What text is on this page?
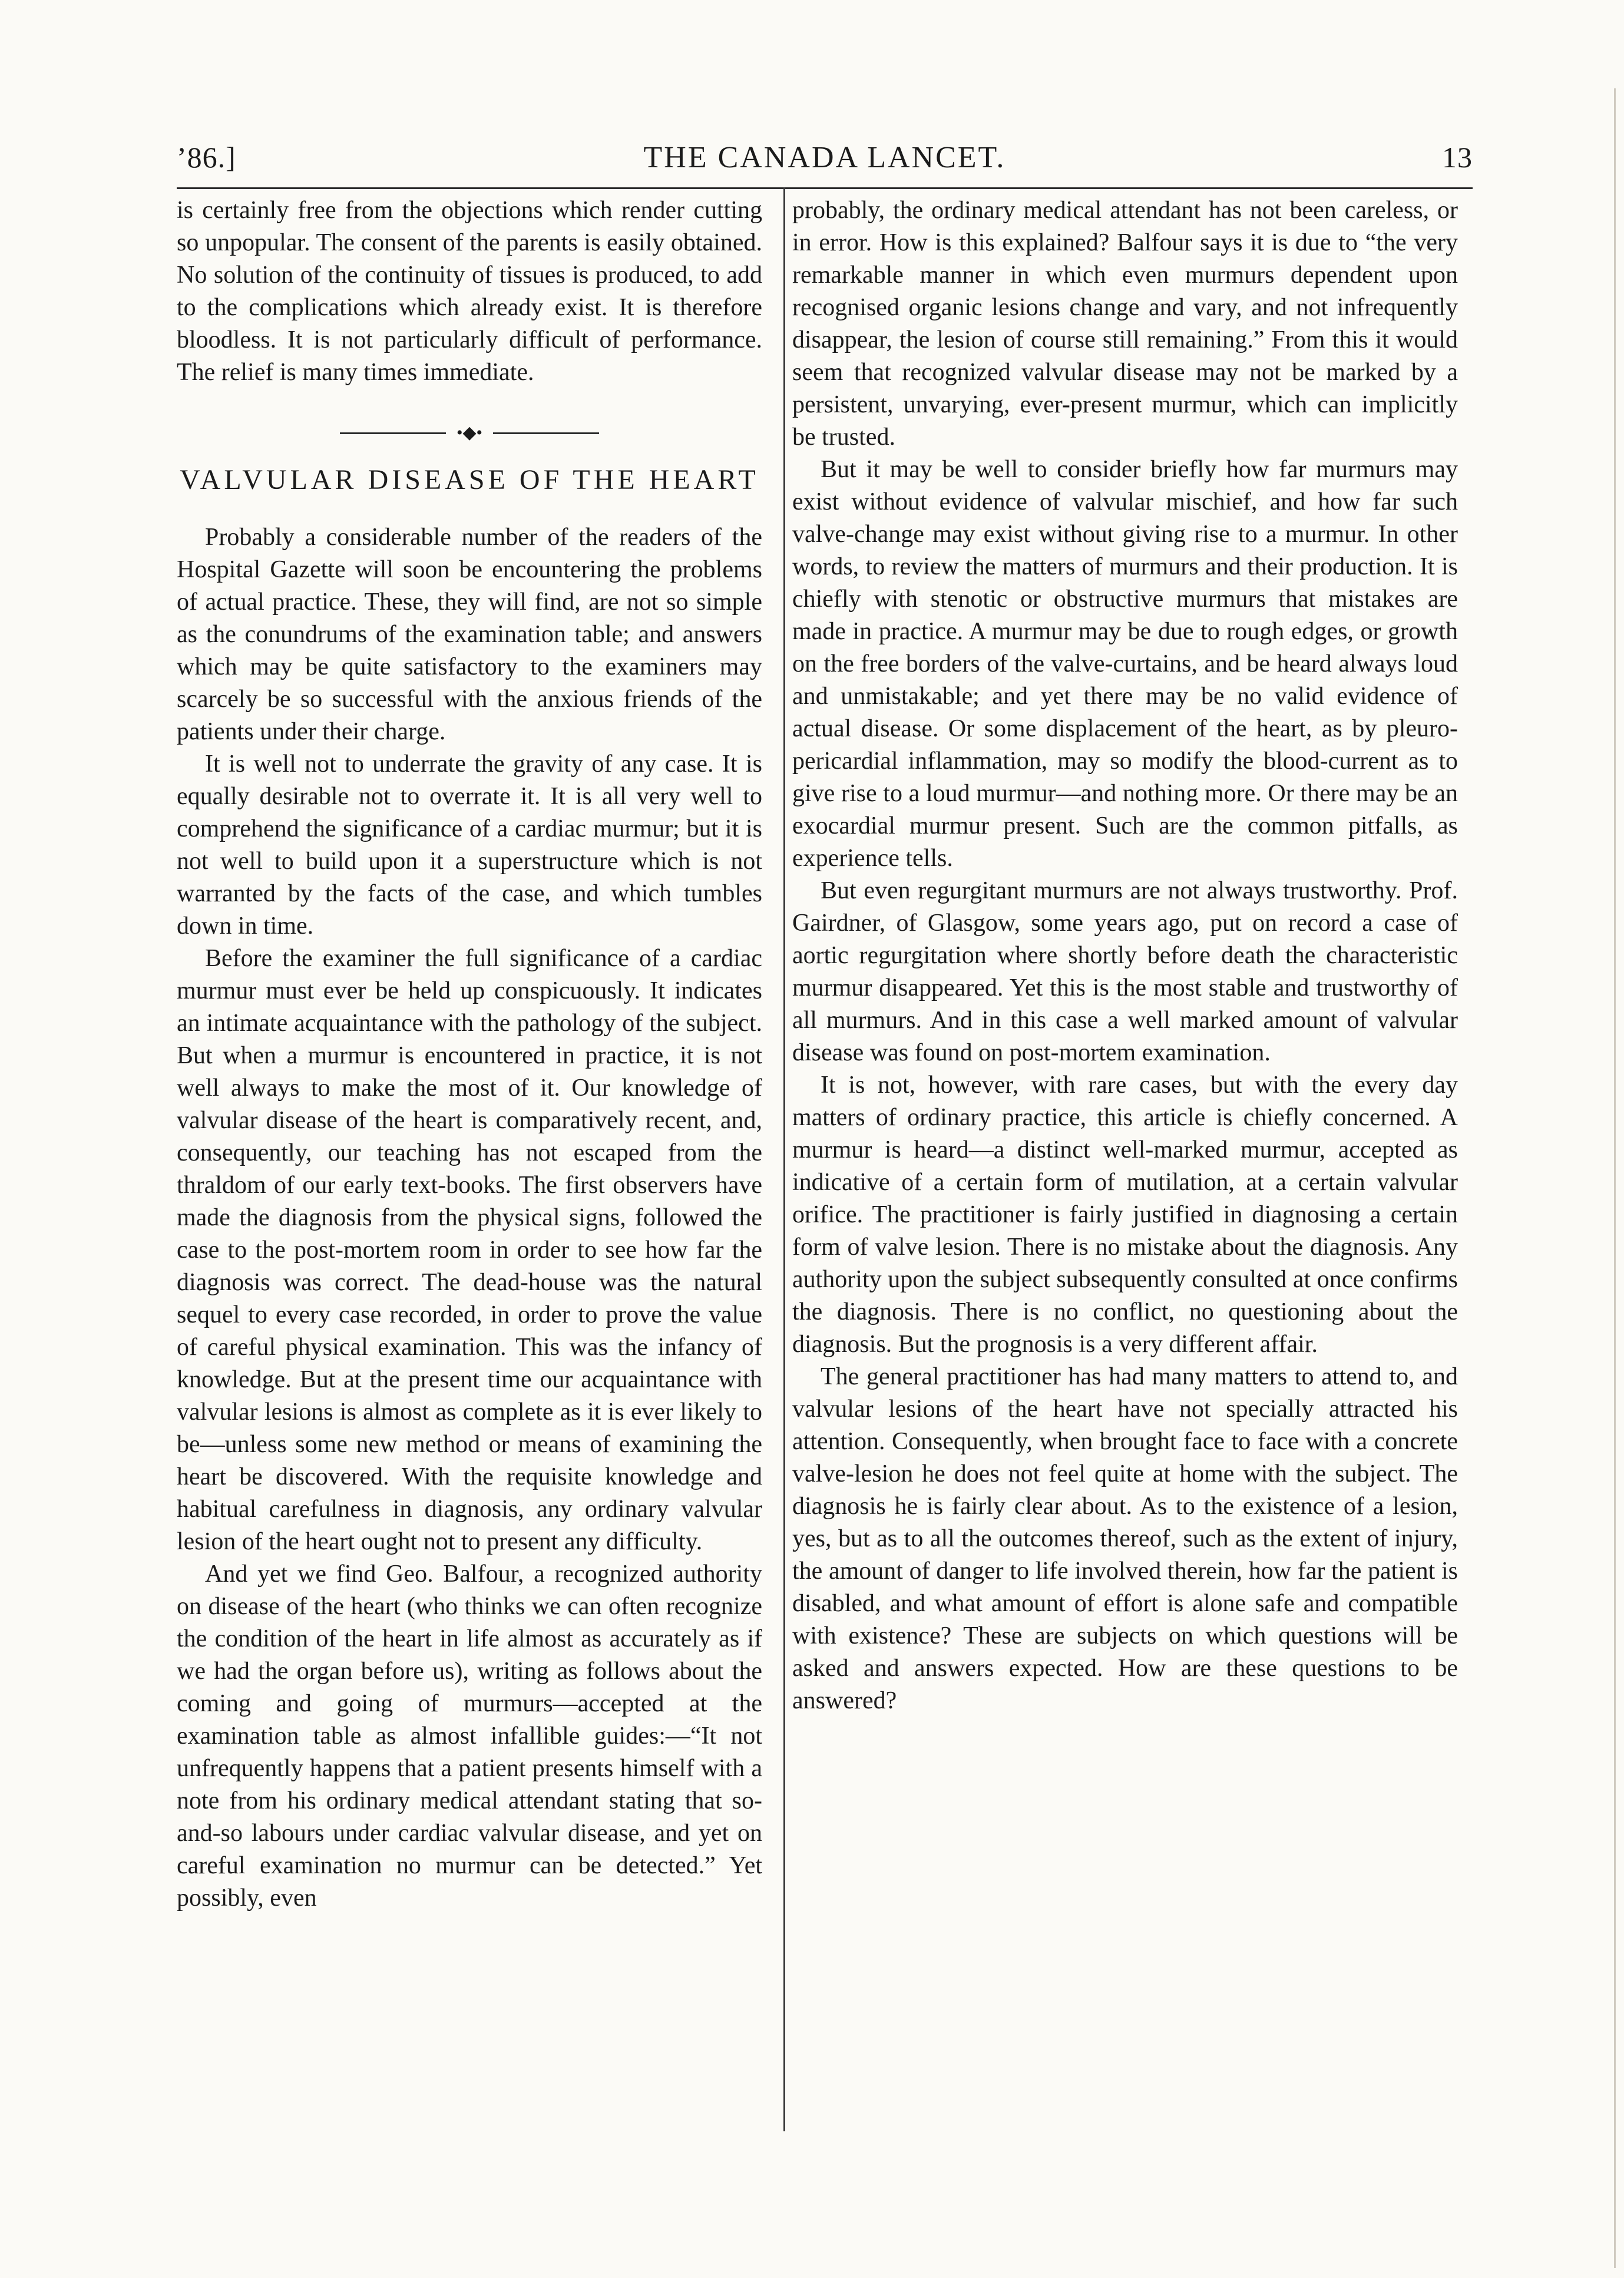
’86.]	THE CANADA LANCET.	13

is certainly free from the objections which render cutting so unpopular. The consent of the parents is easily obtained. No solution of the continuity of tissues is produced, to add to the complications which already exist. It is therefore bloodless. It is not particularly difficult of performance. The relief is many times immediate.

•◆•
VALVULAR DISEASE OF THE HEART

Probably a considerable number of the readers of the Hospital Gazette will soon be encountering the problems of actual practice. These, they will find, are not so simple as the conundrums of the examination table; and answers which may be quite satisfactory to the examiners may scarcely be so successful with the anxious friends of the patients under their charge.

It is well not to underrate the gravity of any case. It is equally desirable not to overrate it. It is all very well to comprehend the significance of a cardiac murmur; but it is not well to build upon it a superstructure which is not warranted by the facts of the case, and which tumbles down in time.

Before the examiner the full significance of a cardiac murmur must ever be held up conspicuously. It indicates an intimate acquaintance with the pathology of the subject. But when a murmur is encountered in practice, it is not well always to make the most of it. Our knowledge of valvular disease of the heart is comparatively recent, and, consequently, our teaching has not escaped from the thraldom of our early text-books. The first observers have made the diagnosis from the physical signs, followed the case to the post-mortem room in order to see how far the diagnosis was correct. The dead-house was the natural sequel to every case recorded, in order to prove the value of careful physical examination. This was the infancy of knowledge. But at the present time our acquaintance with valvular lesions is almost as complete as it is ever likely to be—unless some new method or means of examining the heart be discovered. With the requisite knowledge and habitual carefulness in diagnosis, any ordinary valvular lesion of the heart ought not to present any difficulty.

And yet we find Geo. Balfour, a recognized authority on disease of the heart (who thinks we can often recognize the condition of the heart in life almost as accurately as if we had the organ before us), writing as follows about the coming and going of murmurs—accepted at the examination table as almost infallible guides:—“It not unfrequently happens that a patient presents himself with a note from his ordinary medical attendant stating that so-and-so labours under cardiac valvular disease, and yet on careful examination no murmur can be detected.” Yet possibly, even

probably, the ordinary medical attendant has not been careless, or in error. How is this explained? Balfour says it is due to “the very remarkable manner in which even murmurs dependent upon recognised organic lesions change and vary, and not infrequently disappear, the lesion of course still remaining.” From this it would seem that recognized valvular disease may not be marked by a persistent, unvarying, ever-present murmur, which can implicitly be trusted.

But it may be well to consider briefly how far murmurs may exist without evidence of valvular mischief, and how far such valve-change may exist without giving rise to a murmur. In other words, to review the matters of murmurs and their production. It is chiefly with stenotic or obstructive murmurs that mistakes are made in practice. A murmur may be due to rough edges, or growth on the free borders of the valve-curtains, and be heard always loud and unmistakable; and yet there may be no valid evidence of actual disease. Or some displacement of the heart, as by pleuro-pericardial inflammation, may so modify the blood-current as to give rise to a loud murmur—and nothing more. Or there may be an exocardial murmur present. Such are the common pitfalls, as experience tells.

But even regurgitant murmurs are not always trustworthy. Prof. Gairdner, of Glasgow, some years ago, put on record a case of aortic regurgitation where shortly before death the characteristic murmur disappeared. Yet this is the most stable and trustworthy of all murmurs. And in this case a well marked amount of valvular disease was found on post-mortem examination.

It is not, however, with rare cases, but with the every day matters of ordinary practice, this article is chiefly concerned. A murmur is heard—a distinct well-marked murmur, accepted as indicative of a certain form of mutilation, at a certain valvular orifice. The practitioner is fairly justified in diagnosing a certain form of valve lesion. There is no mistake about the diagnosis. Any authority upon the subject subsequently consulted at once confirms the diagnosis. There is no conflict, no questioning about the diagnosis. But the prognosis is a very different affair.

The general practitioner has had many matters to attend to, and valvular lesions of the heart have not specially attracted his attention. Consequently, when brought face to face with a concrete valve-lesion he does not feel quite at home with the subject. The diagnosis he is fairly clear about. As to the existence of a lesion, yes, but as to all the outcomes thereof, such as the extent of injury, the amount of danger to life involved therein, how far the patient is disabled, and what amount of effort is alone safe and compatible with existence? These are subjects on which questions will be asked and answers expected. How are these questions to be answered?
